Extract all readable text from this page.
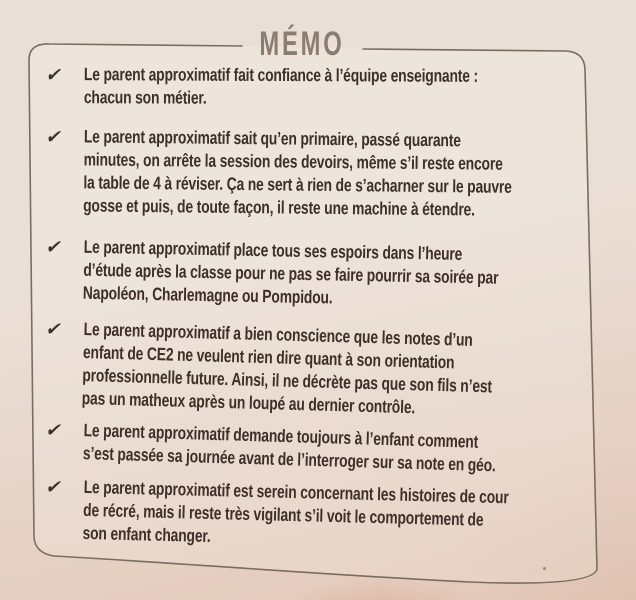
MÉMO
✔	Le parent approximatif fait confiance à l’équipe enseignante :
chacun son métier.
✔	Le parent approximatif sait qu’en primaire, passé quarante
minutes, on arrête la session des devoirs, même s’il reste encore
la table de 4 à réviser. Ça ne sert à rien de s’acharner sur le pauvre
gosse et puis, de toute façon, il reste une machine à étendre.
✔	Le parent approximatif place tous ses espoirs dans l’heure
d’étude après la classe pour ne pas se faire pourrir sa soirée par
Napoléon, Charlemagne ou Pompidou.
✔	Le parent approximatif a bien conscience que les notes d’un
enfant de CE2 ne veulent rien dire quant à son orientation
professionnelle future. Ainsi, il ne décrète pas que son fils n’est
pas un matheux après un loupé au dernier contrôle.
✔	Le parent approximatif demande toujours à l’enfant comment
s’est passée sa journée avant de l’interroger sur sa note en géo.
✔	Le parent approximatif est serein concernant les histoires de cour
de récré, mais il reste très vigilant s’il voit le comportement de
son enfant changer.
